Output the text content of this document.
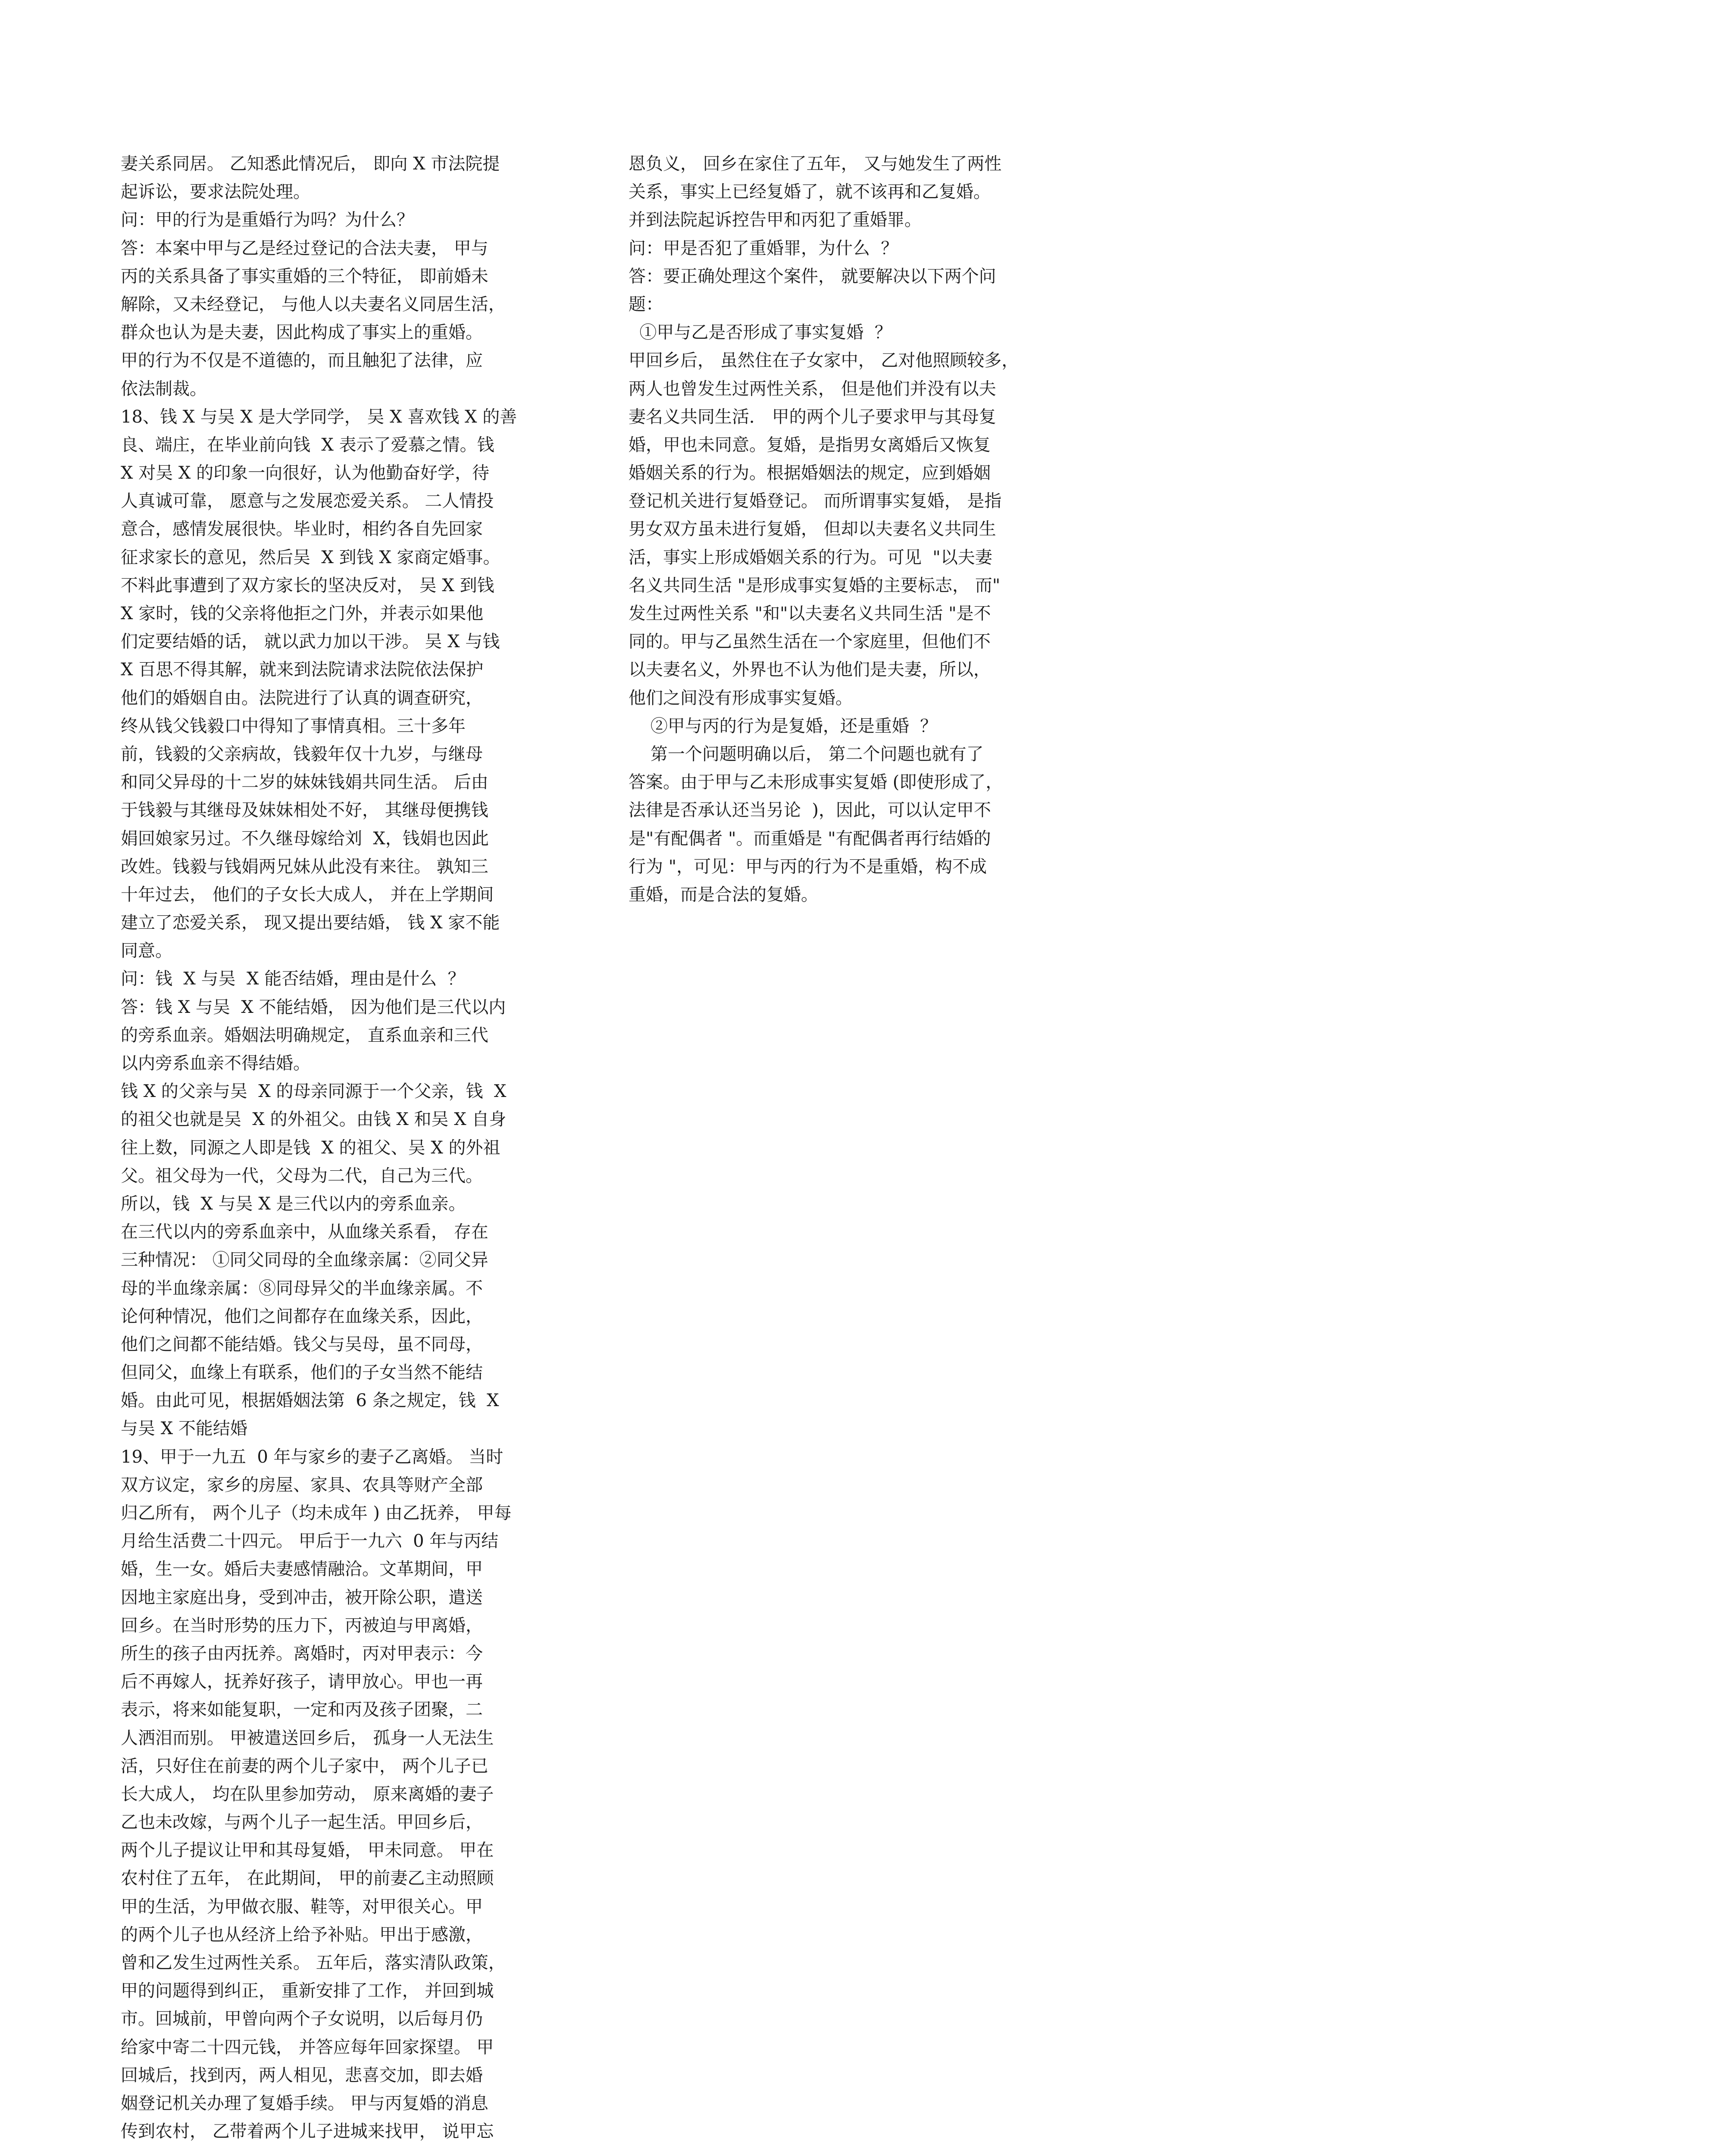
妻关系同居。 乙知悉此情况后， 即向 X 市法院提
起诉讼，要求法院处理。
问：甲的行为是重婚行为吗？为什么？
答：本案中甲与乙是经过登记的合法夫妻， 甲与
丙的关系具备了事实重婚的三个特征， 即前婚未
解除，又未经登记， 与他人以夫妻名义同居生活，
群众也认为是夫妻，因此构成了事实上的重婚。
甲的行为不仅是不道德的，而且触犯了法律，应
依法制裁。
18、钱 X 与吴 X 是大学同学， 吴 X 喜欢钱 X 的善
良、端庄，在毕业前向钱  X 表示了爱慕之情。钱
X 对吴 X 的印象一向很好，认为他勤奋好学，待
人真诚可靠， 愿意与之发展恋爱关系。 二人情投
意合，感情发展很快。毕业时，相约各自先回家
征求家长的意见，然后吴  X 到钱 X 家商定婚事。
不料此事遭到了双方家长的坚决反对， 吴 X 到钱
X 家时，钱的父亲将他拒之门外，并表示如果他
们定要结婚的话， 就以武力加以干涉。 吴 X 与钱
X 百思不得其解，就来到法院请求法院依法保护
他们的婚姻自由。法院进行了认真的调查研究，
终从钱父钱毅口中得知了事情真相。三十多年
前，钱毅的父亲病故，钱毅年仅十九岁，与继母
和同父异母的十二岁的妹妹钱娟共同生活。 后由
于钱毅与其继母及妹妹相处不好， 其继母便携钱
娟回娘家另过。不久继母嫁给刘  X，钱娟也因此
改姓。钱毅与钱娟两兄妹从此没有来往。 孰知三
十年过去， 他们的子女长大成人， 并在上学期间
建立了恋爱关系， 现又提出要结婚， 钱 X 家不能
同意。
问：钱  X 与吴  X 能否结婚，理由是什么  ？
答：钱 X 与吴  X 不能结婚， 因为他们是三代以内
的旁系血亲。婚姻法明确规定， 直系血亲和三代
以内旁系血亲不得结婚。
钱 X 的父亲与吴  X 的母亲同源于一个父亲，钱  X
的祖父也就是吴  X 的外祖父。由钱 X 和吴 X 自身
往上数，同源之人即是钱  X 的祖父、吴 X 的外祖
父。祖父母为一代，父母为二代，自己为三代。
所以，钱  X 与吴 X 是三代以内的旁系血亲。
在三代以内的旁系血亲中，从血缘关系看， 存在
三种情况： ①同父同母的全血缘亲属：②同父异
母的半血缘亲属：⑧同母异父的半血缘亲属。不
论何种情况，他们之间都存在血缘关系，因此，
他们之间都不能结婚。钱父与吴母，虽不同母，
但同父，血缘上有联系，他们的子女当然不能结
婚。由此可见，根据婚姻法第  6 条之规定，钱  X
与吴 X 不能结婚
19、甲于一九五  0 年与家乡的妻子乙离婚。 当时
双方议定，家乡的房屋、家具、农具等财产全部
归乙所有， 两个儿子（均未成年 ) 由乙抚养， 甲每
月给生活费二十四元。 甲后于一九六  0 年与丙结
婚，生一女。婚后夫妻感情融洽。文革期间，甲
因地主家庭出身，受到冲击，被开除公职，遣送
回乡。在当时形势的压力下，丙被迫与甲离婚，
所生的孩子由丙抚养。离婚时，丙对甲表示：今
后不再嫁人，抚养好孩子，请甲放心。甲也一再
表示，将来如能复职，一定和丙及孩子团聚，二
人洒泪而别。 甲被遣送回乡后， 孤身一人无法生
活，只好住在前妻的两个儿子家中， 两个儿子已
长大成人， 均在队里参加劳动， 原来离婚的妻子
乙也未改嫁，与两个儿子一起生活。甲回乡后，
两个儿子提议让甲和其母复婚， 甲未同意。 甲在
农村住了五年， 在此期间， 甲的前妻乙主动照顾
甲的生活，为甲做衣服、鞋等，对甲很关心。甲
的两个儿子也从经济上给予补贴。甲出于感激，
曾和乙发生过两性关系。 五年后，落实清队政策，
甲的问题得到纠正， 重新安排了工作， 并回到城
市。回城前，甲曾向两个子女说明，以后每月仍
给家中寄二十四元钱， 并答应每年回家探望。 甲
回城后，找到丙，两人相见，悲喜交加，即去婚
姻登记机关办理了复婚手续。 甲与丙复婚的消息
传到农村， 乙带着两个儿子进城来找甲， 说甲忘
恩负义， 回乡在家住了五年， 又与她发生了两性
关系，事实上已经复婚了，就不该再和乙复婚。
并到法院起诉控告甲和丙犯了重婚罪。
问：甲是否犯了重婚罪，为什么  ？
答：要正确处理这个案件， 就要解决以下两个问
题：
①甲与乙是否形成了事实复婚  ？
甲回乡后， 虽然住在子女家中， 乙对他照顾较多，
两人也曾发生过两性关系， 但是他们并没有以夫
妻名义共同生活． 甲的两个儿子要求甲与其母复
婚，甲也未同意。复婚，是指男女离婚后又恢复
婚姻关系的行为。根据婚姻法的规定，应到婚姻
登记机关进行复婚登记。 而所谓事实复婚， 是指
男女双方虽未进行复婚， 但却以夫妻名义共同生
活，事实上形成婚姻关系的行为。可见  "以夫妻
名义共同生活 "是形成事实复婚的主要标志， 而"
发生过两性关系 "和"以夫妻名义共同生活 "是不
同的。甲与乙虽然生活在一个家庭里，但他们不
以夫妻名义，外界也不认为他们是夫妻，所以，
他们之间没有形成事实复婚。
②甲与丙的行为是复婚，还是重婚  ？
第一个问题明确以后， 第二个问题也就有了
答案。由于甲与乙未形成事实复婚 (即使形成了，
法律是否承认还当另论  )，因此，可以认定甲不
是"有配偶者 "。而重婚是 "有配偶者再行结婚的
行为 "，可见：甲与丙的行为不是重婚，构不成
重婚，而是合法的复婚。
